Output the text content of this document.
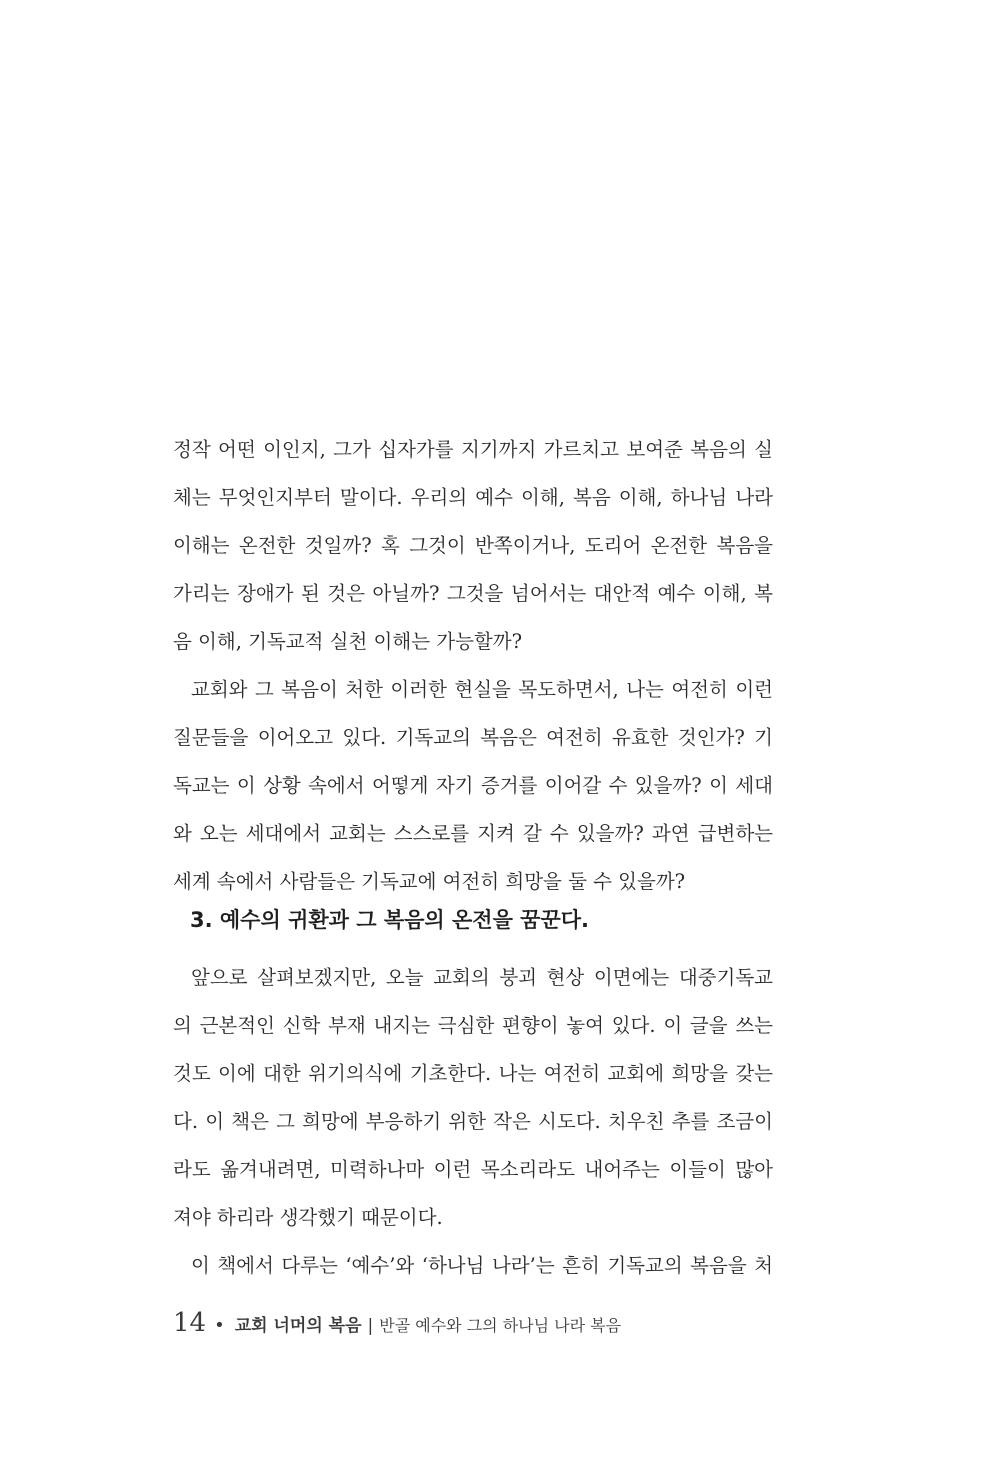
정작 어떤 이인지, 그가 십자가를 지기까지 가르치고 보여준 복음의 실
체는 무엇인지부터 말이다. 우리의 예수 이해, 복음 이해, 하나님 나라
이해는 온전한 것일까? 혹 그것이 반쪽이거나, 도리어 온전한 복음을
가리는 장애가 된 것은 아닐까? 그것을 넘어서는 대안적 예수 이해, 복
음 이해, 기독교적 실천 이해는 가능할까?
교회와 그 복음이 처한 이러한 현실을 목도하면서, 나는 여전히 이런
질문들을 이어오고 있다. 기독교의 복음은 여전히 유효한 것인가? 기
독교는 이 상황 속에서 어떻게 자기 증거를 이어갈 수 있을까? 이 세대
와 오는 세대에서 교회는 스스로를 지켜 갈 수 있을까? 과연 급변하는
세계 속에서 사람들은 기독교에 여전히 희망을 둘 수 있을까?
3. 예수의 귀환과 그 복음의 온전을 꿈꾼다.
앞으로 살펴보겠지만, 오늘 교회의 붕괴 현상 이면에는 대중기독교
의 근본적인 신학 부재 내지는 극심한 편향이 놓여 있다. 이 글을 쓰는
것도 이에 대한 위기의식에 기초한다. 나는 여전히 교회에 희망을 갖는
다. 이 책은 그 희망에 부응하기 위한 작은 시도다. 치우친 추를 조금이
라도 옮겨내려면, 미력하나마 이런 목소리라도 내어주는 이들이 많아
져야 하리라 생각했기 때문이다.
이 책에서 다루는 ‘예수’와 ‘하나님 나라’는 흔히 기독교의 복음을 처
14 • 교회 너머의 복음 | 반골 예수와 그의 하나님 나라 복음
